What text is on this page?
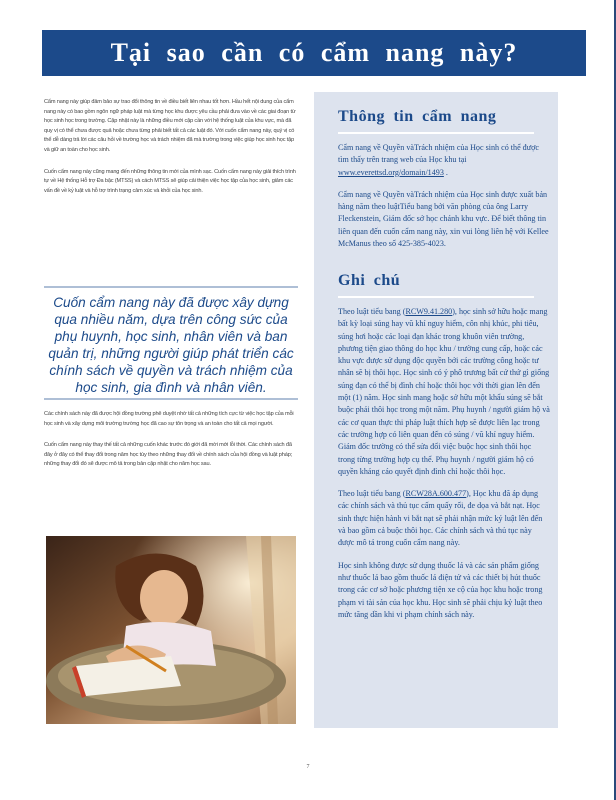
Tại sao cần có cẩm nang này?

Cẩm nang này giúp đảm bảo sự trao đổi thông tin về điều biết liên nhau tốt hơn. Hầu hết nội dung của cẩm nang này có bao gồm ngôn ngữ pháp luật mà từng học khu được yêu cầu phải đưa vào về các giai đoạn từ học sinh học trong trường. Cập nhật này là những điều mới cập cần với hệ thống luật của khu vực, mà đã quy vị có thể chưa được quả hoặc chưa từng phải biết tất cả các luật đó. Với cuốn cẩm nang này, quý vị có thể dễ dàng trả lời các câu hỏi về trường học và trách nhiệm đã mà trường trong việc giúp học sinh học tập và giữ an toàn cho học sinh.

Cuốn cẩm nang này cũng mang đến những thông tin mới của mình sạc. Cuốn cẩm nang này giải thích trình tự về Hệ thống Hỗ trợ Đa bậc (MTSS) và cách MTSS sẽ giúp cải thiện việc học tập của học sinh, giảm các vấn đề về kỷ luật và hỗ trợ trình trạng cảm xúc và khỏi của học sinh.

Cuốn cẩm nang này đã được xây dựng qua nhiều năm, dựa trên công sức của phụ huynh, học sinh, nhân viên và ban quản trị, những người giúp phát triển các chính sách về quyền và trách nhiệm của học sinh, gia đình và nhân viên.

Các chính sách này đã được hội đồng trường phê duyệt nhờ tất cả những tích cực từ việc học tập của mỗi học sinh và xây dựng môi trường trường học đã cao sự tôn trọng và an toàn cho tất cả mọi người.

Cuốn cẩm nang này thay thế tất cả những cuốn khác trước đó giới đã mời mới lỗi thời. Các chính sách đã đây ở đây có thể thay đổi trong năm học tùy theo những thay đổi về chính sách của hội đồng và luật pháp; những thay đổi đó sẽ được mô tả trong bản cập nhật cho năm học sau.

Thông tin cẩm nang

Cẩm nang về Quyền vàTrách nhiệm của Học sinh có thể được tìm thấy trên trang web của Học khu tại www.everettsd.org/domain/1493 .

Cẩm nang về Quyền vàTrách nhiệm của Học sinh được xuất bản hàng năm theo luậtTiểu bang bởi văn phòng của ông Larry Fleckenstein, Giám đốc sở học chánh khu vực. Để biết thông tin liên quan đến cuốn cẩm nang này, xin vui lòng liên hệ với Kellee McManus theo số 425-385-4023.

Ghi chú

Theo luật tiểu bang (RCW9.41.280), học sinh sở hữu hoặc mang bất kỳ loại súng hay vũ khí nguy hiểm, côn nhị khúc, phi tiêu, súng hơi hoặc các loại đạn khác trong khuôn viên trường, phương tiện giao thông do học khu / trường cung cấp, hoặc các khu vực được sử dụng độc quyền bởi các trường công hoặc tư nhân sẽ bị thôi học. Học sinh có ý phô trương bất cứ thứ gì giống súng đạn có thể bị đình chỉ hoặc thôi học với thời gian lên đến một (1) năm. Học sinh mang hoặc sở hữu một khẩu súng sẽ bắt buộc phải thôi học trong một năm. Phụ huynh / người giám hộ và các cơ quan thực thi pháp luật thích hợp sẽ được liên lạc trong các trường hợp có liên quan đến có súng / vũ khí nguy hiểm. Giám đốc trường có thể sửa đổi việc buộc học sinh thôi học trong từng trường hợp cụ thể. Phụ huynh / người giám hộ có quyền kháng cáo quyết định đình chỉ hoặc thôi học.

Theo luật tiểu bang (RCW28A.600.477), Học khu đã áp dụng các chính sách và thủ tục cấm quấy rối, đe dọa và bắt nạt. Học sinh thực hiện hành vi bắt nạt sẽ phải nhận mức kỷ luật lên đến và bao gồm cả buộc thôi học. Các chính sách và thủ tục này được mô tả trong cuốn cẩm nang này.

Học sinh không được sử dụng thuốc lá và các sản phẩm giống như thuốc lá bao gồm thuốc lá điện tử và các thiết bị hút thuốc trong các cơ sở hoặc phương tiện xe cộ của học khu hoặc trong phạm vi tài sản của học khu. Học sinh sẽ phải chịu kỷ luật theo mức tăng dần khi vi phạm chính sách này.

7
